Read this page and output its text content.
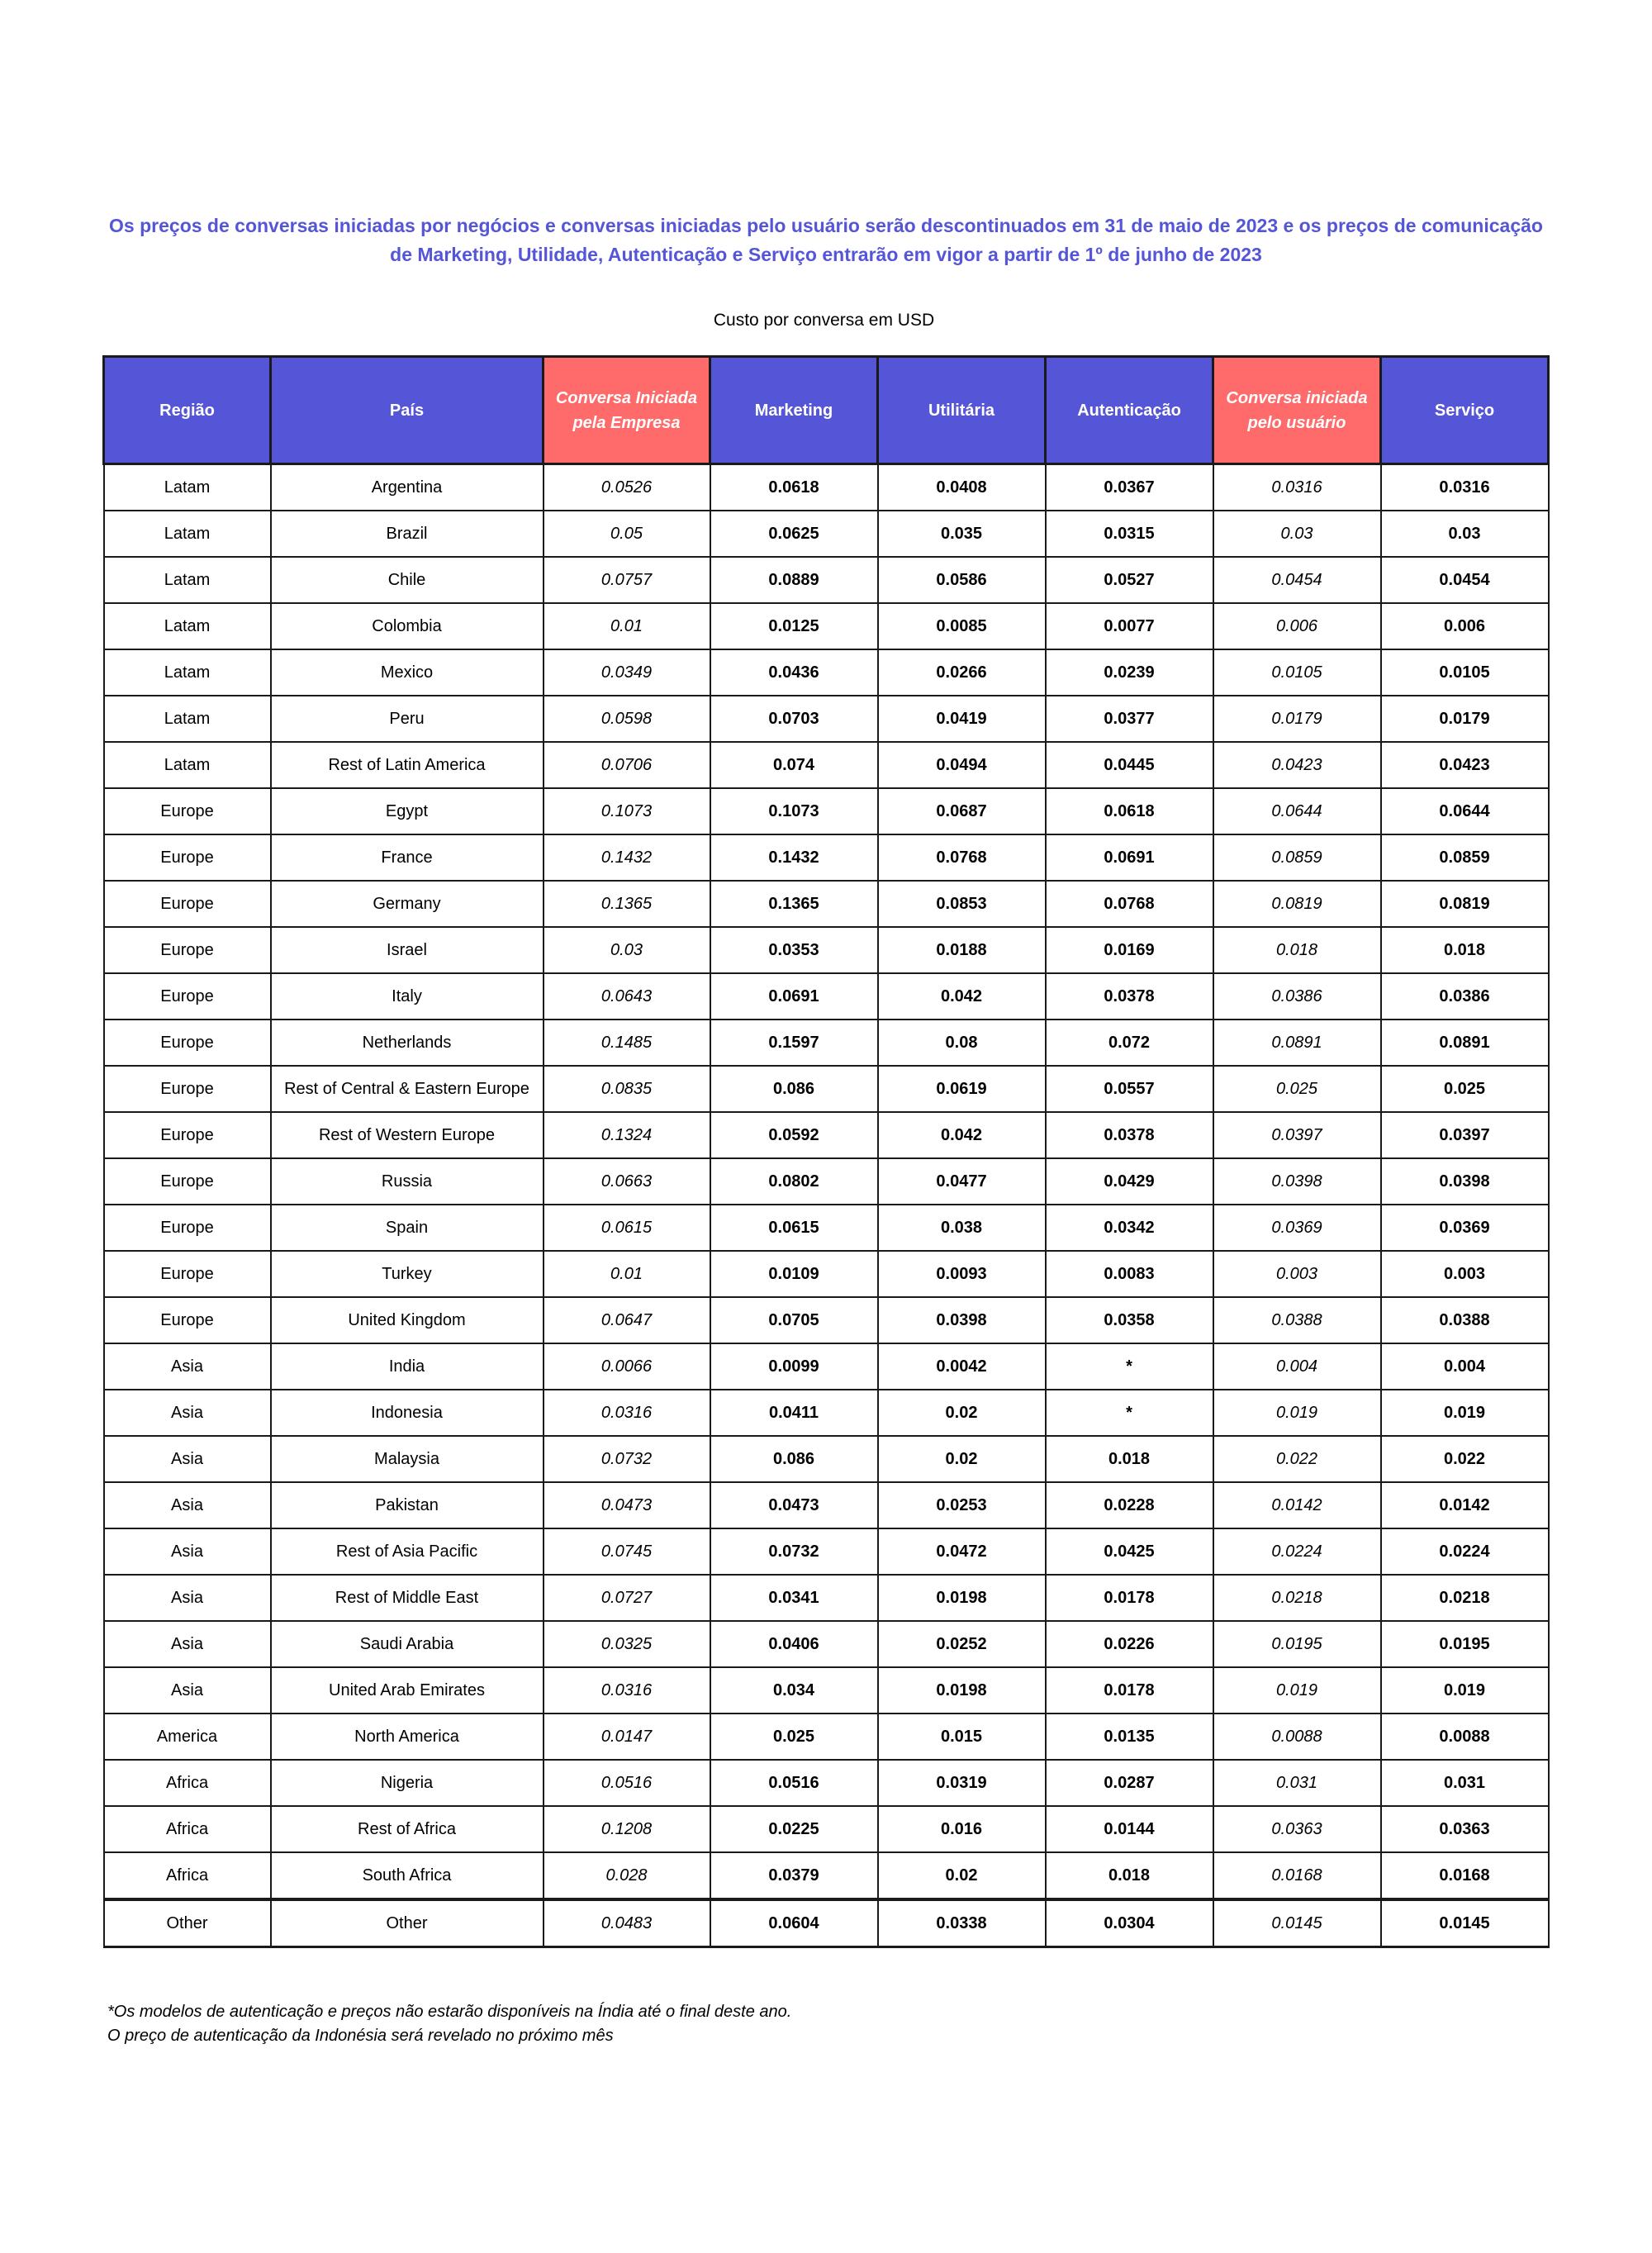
Os preços de conversas iniciadas por negócios e conversas iniciadas pelo usuário serão descontinuados em 31 de maio de 2023 e os preços de comunicação de Marketing, Utilidade, Autenticação e Serviço entrarão em vigor a partir de 1º de junho de 2023
Custo por conversa em USD
Região	País	Conversa Iniciada pela Empresa	Marketing	Utilitária	Autenticação	Conversa iniciada pelo usuário	Serviço
Latam	Argentina	0.0526	0.0618	0.0408	0.0367	0.0316	0.0316
Latam	Brazil	0.05	0.0625	0.035	0.0315	0.03	0.03
Latam	Chile	0.0757	0.0889	0.0586	0.0527	0.0454	0.0454
Latam	Colombia	0.01	0.0125	0.0085	0.0077	0.006	0.006
Latam	Mexico	0.0349	0.0436	0.0266	0.0239	0.0105	0.0105
Latam	Peru	0.0598	0.0703	0.0419	0.0377	0.0179	0.0179
Latam	Rest of Latin America	0.0706	0.074	0.0494	0.0445	0.0423	0.0423
Europe	Egypt	0.1073	0.1073	0.0687	0.0618	0.0644	0.0644
Europe	France	0.1432	0.1432	0.0768	0.0691	0.0859	0.0859
Europe	Germany	0.1365	0.1365	0.0853	0.0768	0.0819	0.0819
Europe	Israel	0.03	0.0353	0.0188	0.0169	0.018	0.018
Europe	Italy	0.0643	0.0691	0.042	0.0378	0.0386	0.0386
Europe	Netherlands	0.1485	0.1597	0.08	0.072	0.0891	0.0891
Europe	Rest of Central & Eastern Europe	0.0835	0.086	0.0619	0.0557	0.025	0.025
Europe	Rest of Western Europe	0.1324	0.0592	0.042	0.0378	0.0397	0.0397
Europe	Russia	0.0663	0.0802	0.0477	0.0429	0.0398	0.0398
Europe	Spain	0.0615	0.0615	0.038	0.0342	0.0369	0.0369
Europe	Turkey	0.01	0.0109	0.0093	0.0083	0.003	0.003
Europe	United Kingdom	0.0647	0.0705	0.0398	0.0358	0.0388	0.0388
Asia	India	0.0066	0.0099	0.0042	*	0.004	0.004
Asia	Indonesia	0.0316	0.0411	0.02	*	0.019	0.019
Asia	Malaysia	0.0732	0.086	0.02	0.018	0.022	0.022
Asia	Pakistan	0.0473	0.0473	0.0253	0.0228	0.0142	0.0142
Asia	Rest of Asia Pacific	0.0745	0.0732	0.0472	0.0425	0.0224	0.0224
Asia	Rest of Middle East	0.0727	0.0341	0.0198	0.0178	0.0218	0.0218
Asia	Saudi Arabia	0.0325	0.0406	0.0252	0.0226	0.0195	0.0195
Asia	United Arab Emirates	0.0316	0.034	0.0198	0.0178	0.019	0.019
America	North America	0.0147	0.025	0.015	0.0135	0.0088	0.0088
Africa	Nigeria	0.0516	0.0516	0.0319	0.0287	0.031	0.031
Africa	Rest of Africa	0.1208	0.0225	0.016	0.0144	0.0363	0.0363
Africa	South Africa	0.028	0.0379	0.02	0.018	0.0168	0.0168
Other	Other	0.0483	0.0604	0.0338	0.0304	0.0145	0.0145
*Os modelos de autenticação e preços não estarão disponíveis na Índia até o final deste ano.
O preço de autenticação da Indonésia será revelado no próximo mês
